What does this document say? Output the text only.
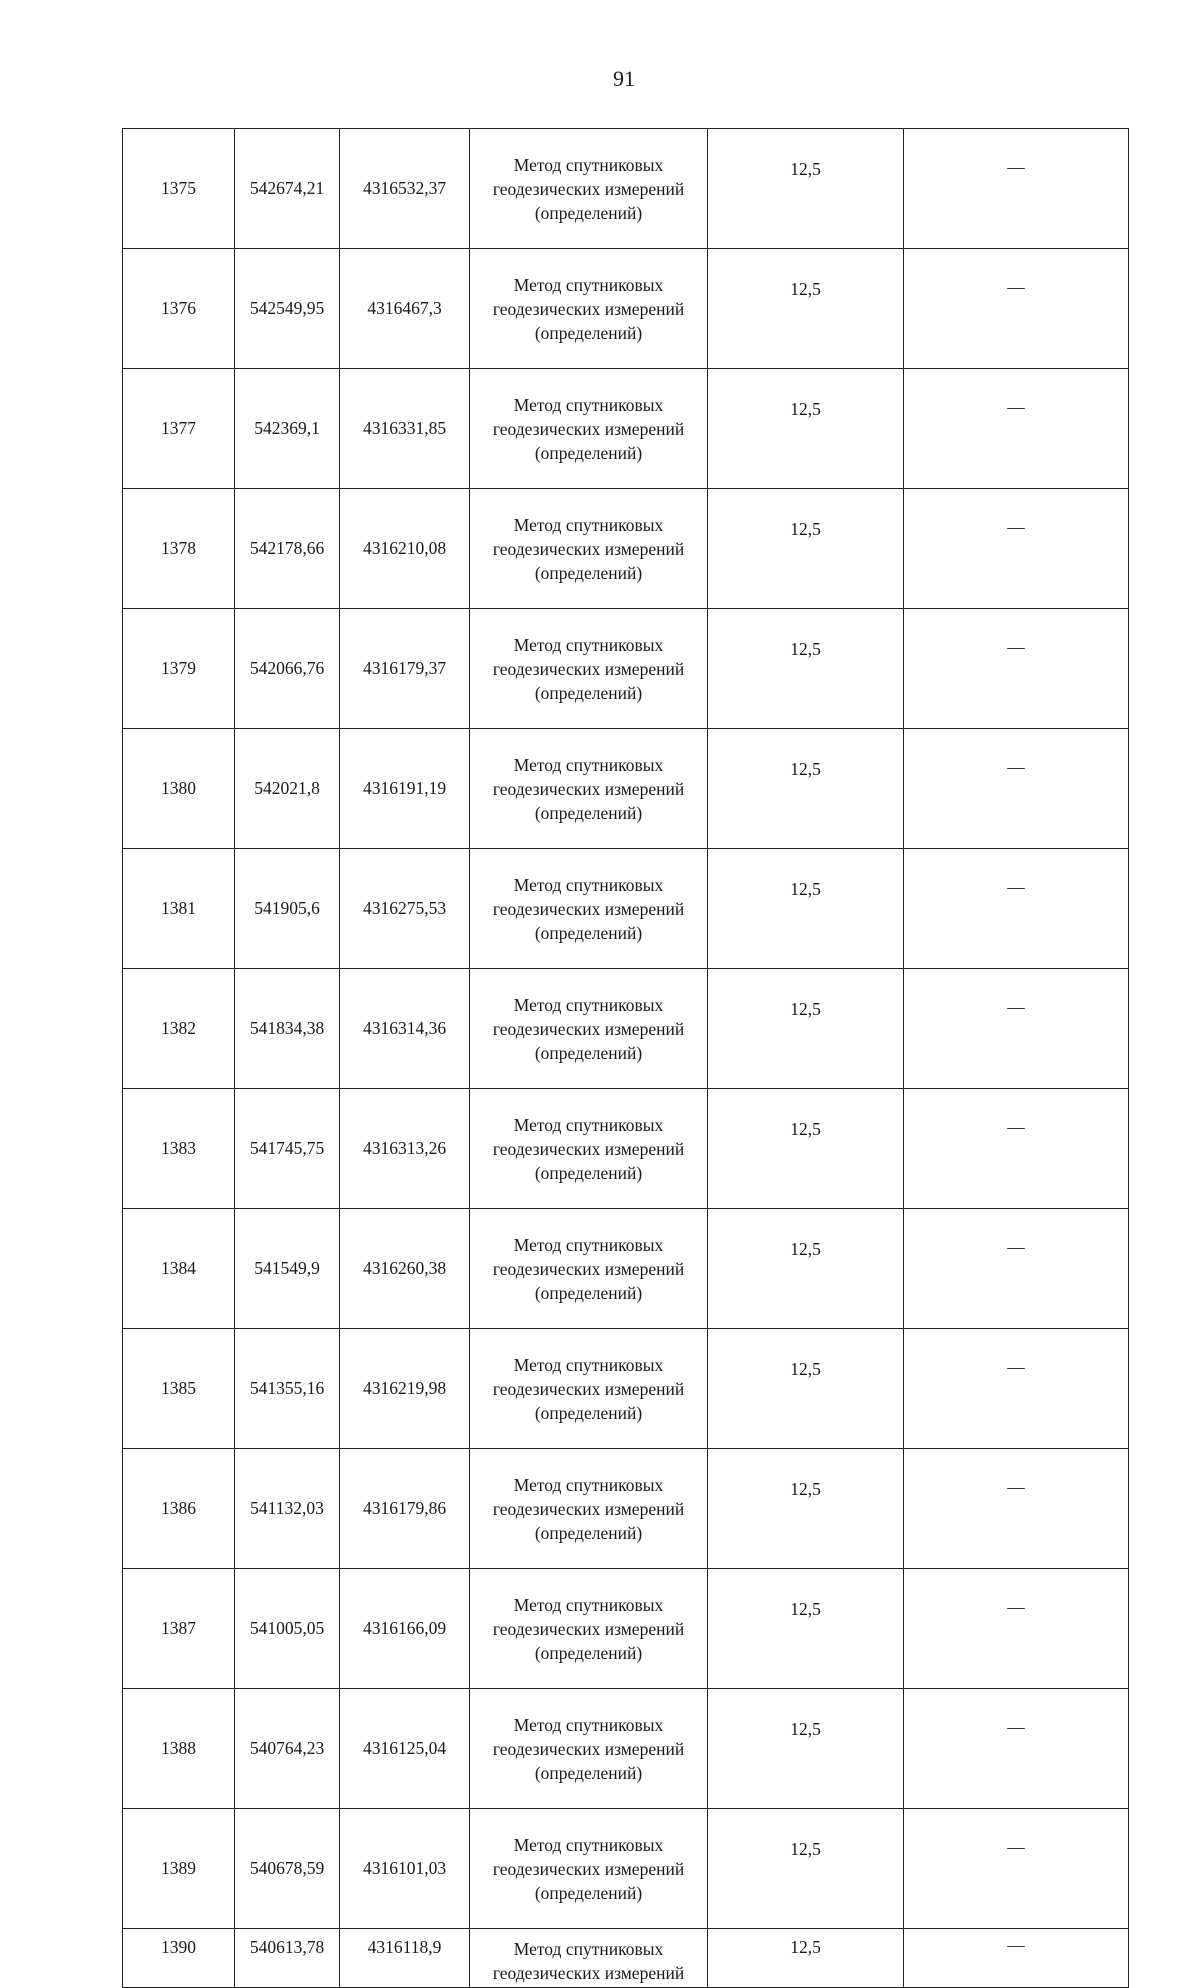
91
1375	542674,21	4316532,37	Метод спутниковых
геодезических измерений
(определений)	12,5	—
1376	542549,95	4316467,3	Метод спутниковых
геодезических измерений
(определений)	12,5	—
1377	542369,1	4316331,85	Метод спутниковых
геодезических измерений
(определений)	12,5	—
1378	542178,66	4316210,08	Метод спутниковых
геодезических измерений
(определений)	12,5	—
1379	542066,76	4316179,37	Метод спутниковых
геодезических измерений
(определений)	12,5	—
1380	542021,8	4316191,19	Метод спутниковых
геодезических измерений
(определений)	12,5	—
1381	541905,6	4316275,53	Метод спутниковых
геодезических измерений
(определений)	12,5	—
1382	541834,38	4316314,36	Метод спутниковых
геодезических измерений
(определений)	12,5	—
1383	541745,75	4316313,26	Метод спутниковых
геодезических измерений
(определений)	12,5	—
1384	541549,9	4316260,38	Метод спутниковых
геодезических измерений
(определений)	12,5	—
1385	541355,16	4316219,98	Метод спутниковых
геодезических измерений
(определений)	12,5	—
1386	541132,03	4316179,86	Метод спутниковых
геодезических измерений
(определений)	12,5	—
1387	541005,05	4316166,09	Метод спутниковых
геодезических измерений
(определений)	12,5	—
1388	540764,23	4316125,04	Метод спутниковых
геодезических измерений
(определений)	12,5	—
1389	540678,59	4316101,03	Метод спутниковых
геодезических измерений
(определений)	12,5	—
1390	540613,78	4316118,9	Метод спутниковых
геодезических измерений	12,5	—
